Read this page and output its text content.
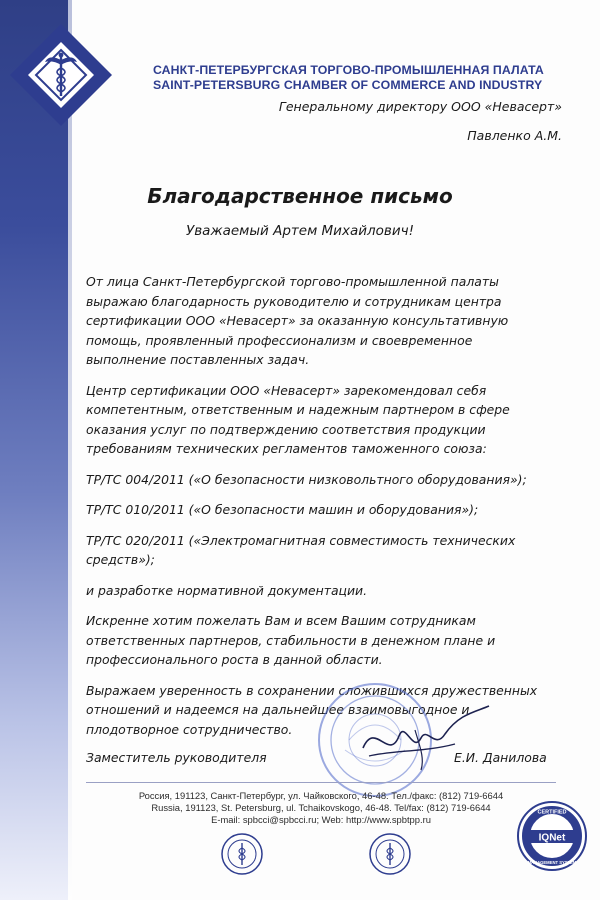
САНКТ-ПЕТЕРБУРГСКАЯ ТОРГОВО-ПРОМЫШЛЕННАЯ ПАЛАТА
SAINT-PETERSBURG CHAMBER OF COMMERCE AND INDUSTRY
Генеральному директору ООО «Невасерт»
Павленко А.М.
Благодарственное письмо
Уважаемый Артем Михайлович!

От лица Санкт-Петербургской торгово-промышленной палаты выражаю благодарность руководителю и сотрудникам центра сертификации ООО «Невасерт» за оказанную консультативную помощь, проявленный профессионализм и своевременное выполнение поставленных задач.

Центр сертификации ООО «Невасерт» зарекомендовал себя компетентным, ответственным и надежным партнером в сфере оказания услуг по подтверждению соответствия продукции требованиям технических регламентов таможенного союза:

ТР/ТС 004/2011 («О безопасности низковольтного оборудования»);

ТР/ТС 010/2011 («О безопасности машин и оборудования»);

ТР/ТС 020/2011 («Электромагнитная совместимость технических средств»);

и разработке нормативной документации.

Искренне хотим пожелать Вам и всем Вашим сотрудникам ответственных партнеров, стабильности в денежном плане и профессионального роста в данной области.

Выражаем уверенность в сохранении сложившихся дружественных отношений и надеемся на дальнейшее взаимовыгодное и плодотворное сотрудничество.

Заместитель руководителя	Е.И. Данилова
Россия, 191123, Санкт-Петербург, ул. Чайковского, 46-48. Тел./факс: (812) 719-6644
Russia, 191123, St. Petersburg, ul. Tchaikovskogo, 46-48. Tel/fax: (812) 719-6644
E-mail: spbcci@spbcci.ru; Web: http://www.spbtpp.ru
CERTIFIED
IQNet
MANAGEMENT SYSTEM
